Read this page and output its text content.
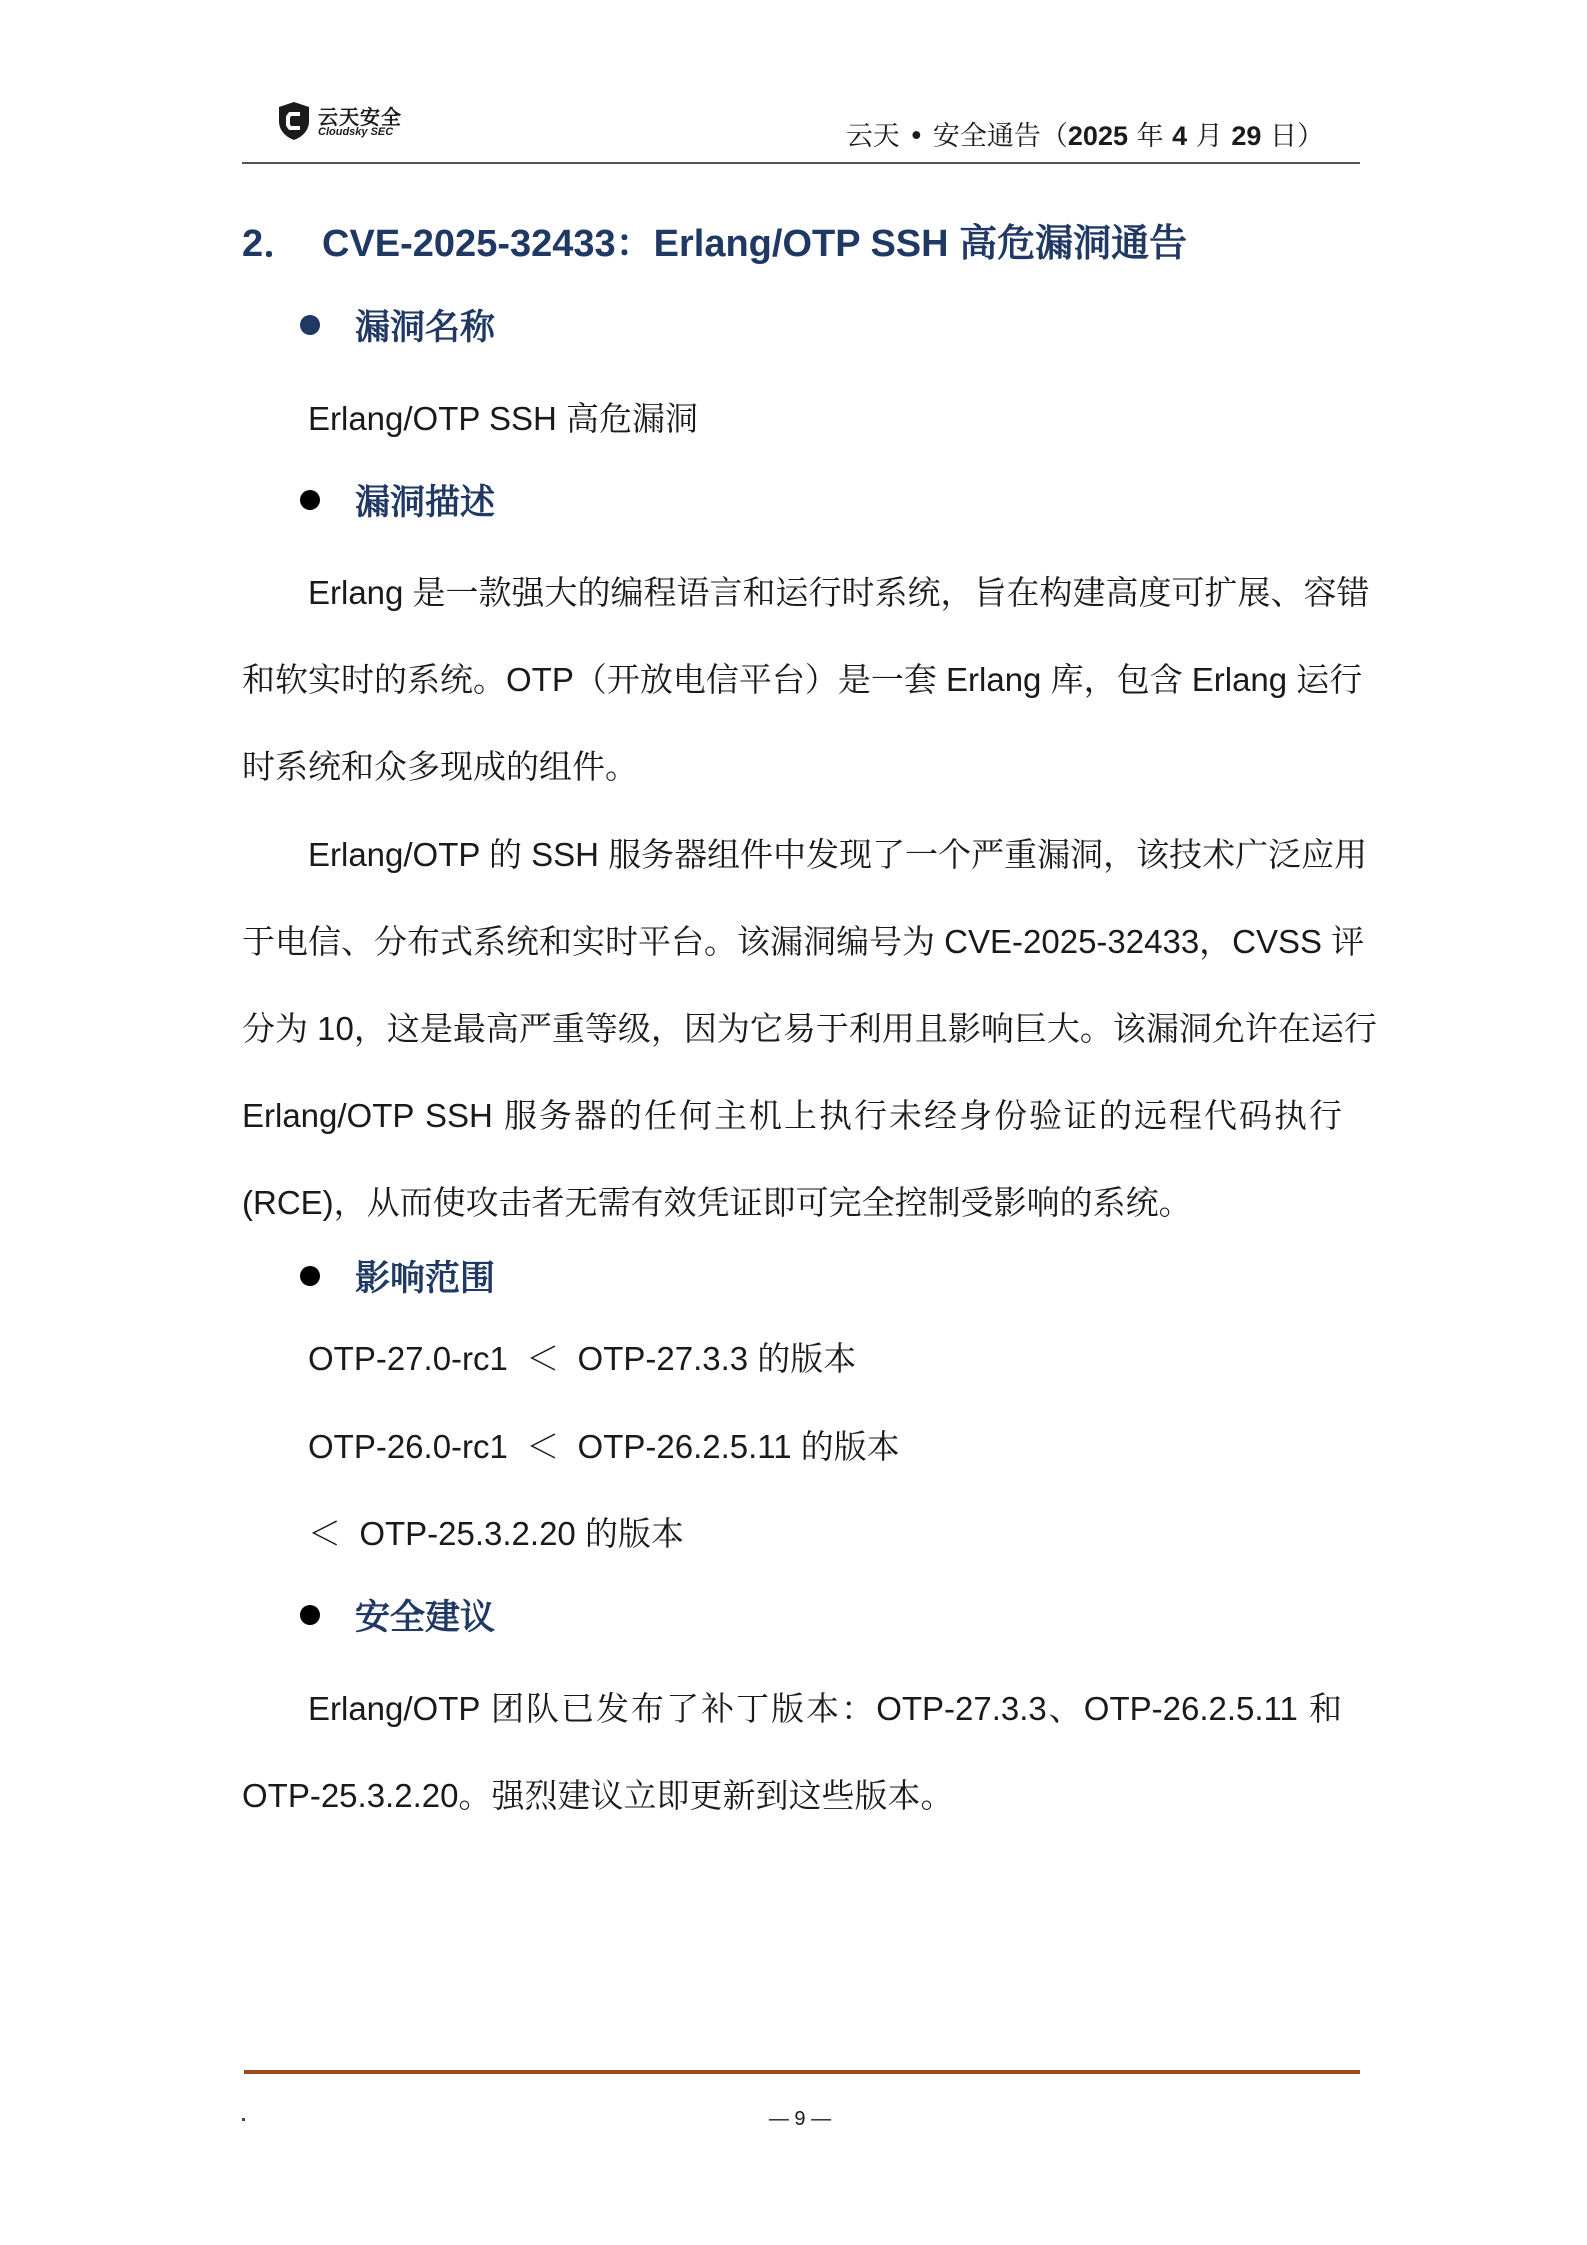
云天安全
Cloudsky SEC	云天 • 安全通告（2025 年 4 月 29 日）
2． CVE-2025-32433：Erlang/OTP SSH 高危漏洞通告
漏洞名称
Erlang/OTP SSH 高危漏洞
漏洞描述
Erlang 是一款强大的编程语言和运行时系统，旨在构建高度可扩展、容错
和软实时的系统。OTP（开放电信平台）是一套 Erlang 库，包含 Erlang 运行
时系统和众多现成的组件。
Erlang/OTP 的 SSH 服务器组件中发现了一个严重漏洞，该技术广泛应用
于电信、分布式系统和实时平台。该漏洞编号为 CVE-2025-32433，CVSS 评
分为 10，这是最高严重等级，因为它易于利用且影响巨大。该漏洞允许在运行
Erlang/OTP SSH 服务器的任何主机上执行未经身份验证的远程代码执行
(RCE)，从而使攻击者无需有效凭证即可完全控制受影响的系统。
影响范围
OTP-27.0-rc1  ＜  OTP-27.3.3 的版本
OTP-26.0-rc1  ＜  OTP-26.2.5.11 的版本
＜  OTP-25.3.2.20 的版本
安全建议
Erlang/OTP 团队已发布了补丁版本：OTP-27.3.3、OTP-26.2.5.11 和
OTP-25.3.2.20。强烈建议立即更新到这些版本。
— 9 —
